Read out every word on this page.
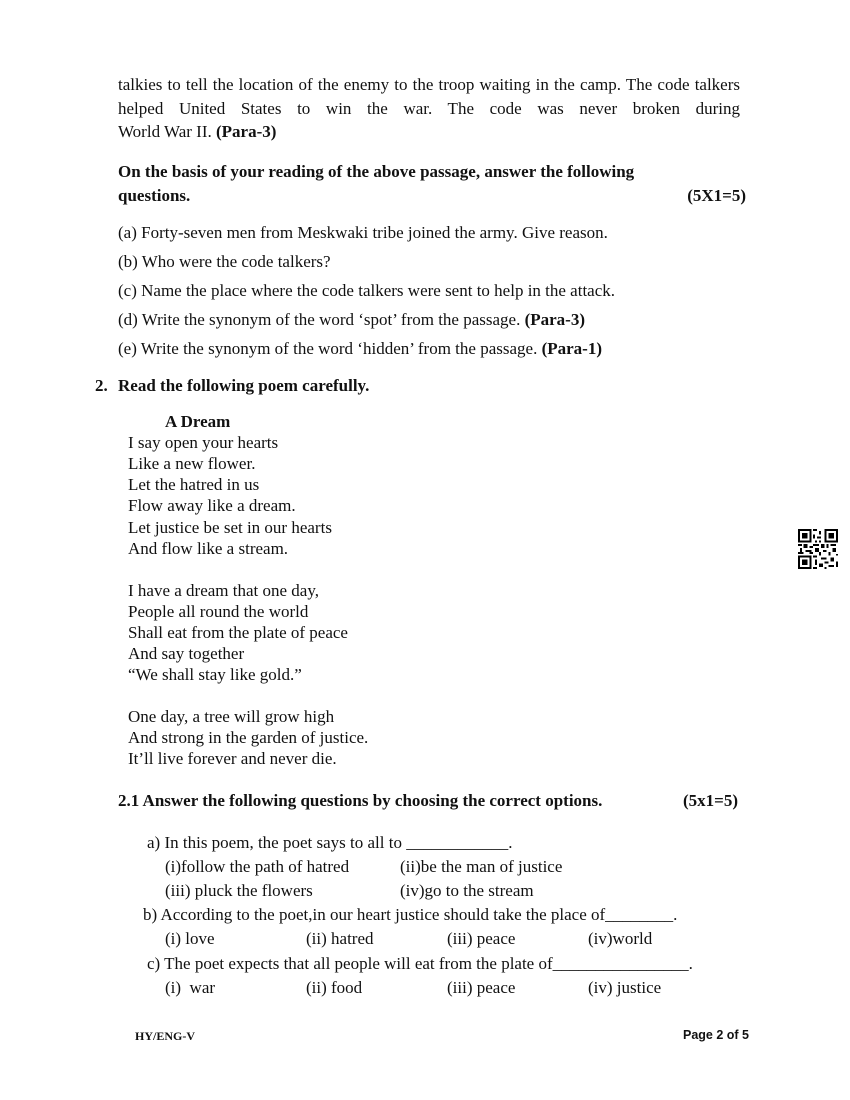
talkies to tell the location of the enemy to the troop waiting in the camp. The code talkers helped United States to win the war. The code was never broken during
World War II. (Para-3)
On the basis of your reading of the above passage, answer the following
questions.	(5X1=5)
(a) Forty-seven men from Meskwaki tribe joined the army. Give reason.
(b) Who were the code talkers?
(c) Name the place where the code talkers were sent to help in the attack.
(d) Write the synonym of the word ‘spot’ from the passage. (Para-3)
(e) Write the synonym of the word ‘hidden’ from the passage. (Para-1)
2. Read the following poem carefully.
A Dream
I say open your hearts
Like a new flower.
Let the hatred in us
Flow away like a dream.
Let justice be set in our hearts
And flow like a stream.
I have a dream that one day,
People all round the world
Shall eat from the plate of peace
And say together
“We shall stay like gold.”
One day, a tree will grow high
And strong in the garden of justice.
It’ll live forever and never die.
2.1 Answer the following questions by choosing the correct options.	(5x1=5)
a) In this poem, the poet says to all to ____________.
(i)follow the path of hatred	(ii)be the man of justice
(iii) pluck the flowers	(iv)go to the stream
b) According to the poet,in our heart justice should take the place of________.
(i) love	(ii) hatred	(iii) peace	(iv)world
c) The poet expects that all people will eat from the plate of________________.
(i)  war	(ii) food	(iii) peace	(iv) justice
HY/ENG-V	Page 2 of 5
